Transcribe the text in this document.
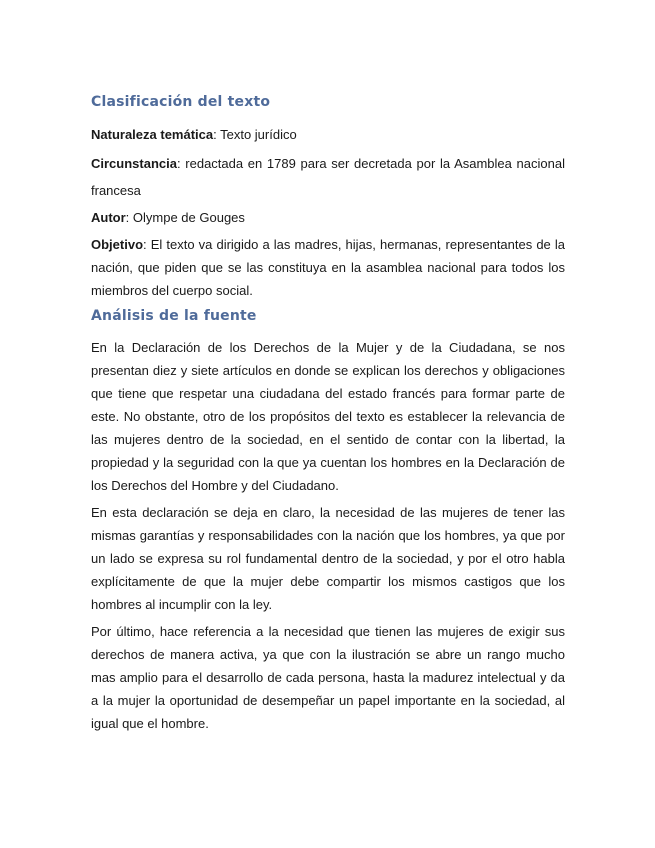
Clasificación del texto

Naturaleza temática: Texto jurídico

Circunstancia: redactada en 1789 para ser decretada por la Asamblea nacional francesa

Autor: Olympe de Gouges

Objetivo: El texto va dirigido a las madres, hijas, hermanas, representantes de la nación, que piden que se las constituya en la asamblea nacional para todos los miembros del cuerpo social.

Análisis de la fuente

En la Declaración de los Derechos de la Mujer y de la Ciudadana, se nos presentan diez y siete artículos en donde se explican los derechos y obligaciones que tiene que respetar una ciudadana del estado francés para formar parte de este. No obstante, otro de los propósitos del texto es establecer la relevancia de las mujeres dentro de la sociedad, en el sentido de contar con la libertad, la propiedad y la seguridad con la que ya cuentan los hombres en la Declaración de los Derechos del Hombre y del Ciudadano.

En esta declaración se deja en claro, la necesidad de las mujeres de tener las mismas garantías y responsabilidades con la nación que los hombres, ya que por un lado se expresa su rol fundamental dentro de la sociedad, y por el otro habla explícitamente de que la mujer debe compartir los mismos castigos que los hombres al incumplir con la ley.

Por último, hace referencia a la necesidad que tienen las mujeres de exigir sus derechos de manera activa, ya que con la ilustración se abre un rango mucho mas amplio para el desarrollo de cada persona, hasta la madurez intelectual y da a la mujer la oportunidad de desempeñar un papel importante en la sociedad, al igual que el hombre.
